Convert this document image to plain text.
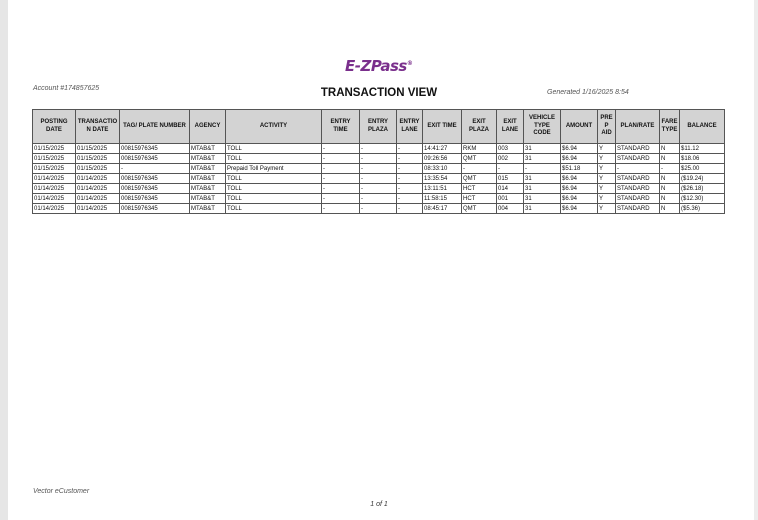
E-ZPass®
Account #174857625	TRANSACTION VIEW	Generated 1/16/2025 8:54
POSTING DATE	TRANSACTIO N DATE	TAG/ PLATE NUMBER	AGENCY	ACTIVITY	ENTRY TIME	ENTRY PLAZA	ENTRY LANE	EXIT TIME	EXIT PLAZA	EXIT LANE	VEHICLE TYPE CODE	AMOUNT	PREP AID	PLAN/RATE	FARE TYPE	BALANCE
01/15/2025	01/15/2025	00815976345	MTAB&T	TOLL	-	-	-	14:41:27	RKM	003	31	$6.94	Y	STANDARD	N	$11.12
01/15/2025	01/15/2025	00815976345	MTAB&T	TOLL	-	-	-	09:26:56	QMT	002	31	$6.94	Y	STANDARD	N	$18.06
01/15/2025	01/15/2025	-	MTAB&T	Prepaid Toll Payment	-	-	-	08:33:10	-	-	-	$51.18	Y	-	-	$25.00
01/14/2025	01/14/2025	00815976345	MTAB&T	TOLL	-	-	-	13:35:54	QMT	015	31	$6.94	Y	STANDARD	N	($19.24)
01/14/2025	01/14/2025	00815976345	MTAB&T	TOLL	-	-	-	13:11:51	HCT	014	31	$6.94	Y	STANDARD	N	($26.18)
01/14/2025	01/14/2025	00815976345	MTAB&T	TOLL	-	-	-	11:58:15	HCT	001	31	$6.94	Y	STANDARD	N	($12.30)
01/14/2025	01/14/2025	00815976345	MTAB&T	TOLL	-	-	-	08:45:17	QMT	004	31	$6.94	Y	STANDARD	N	($5.36)
Vector eCustomer
1 of 1
